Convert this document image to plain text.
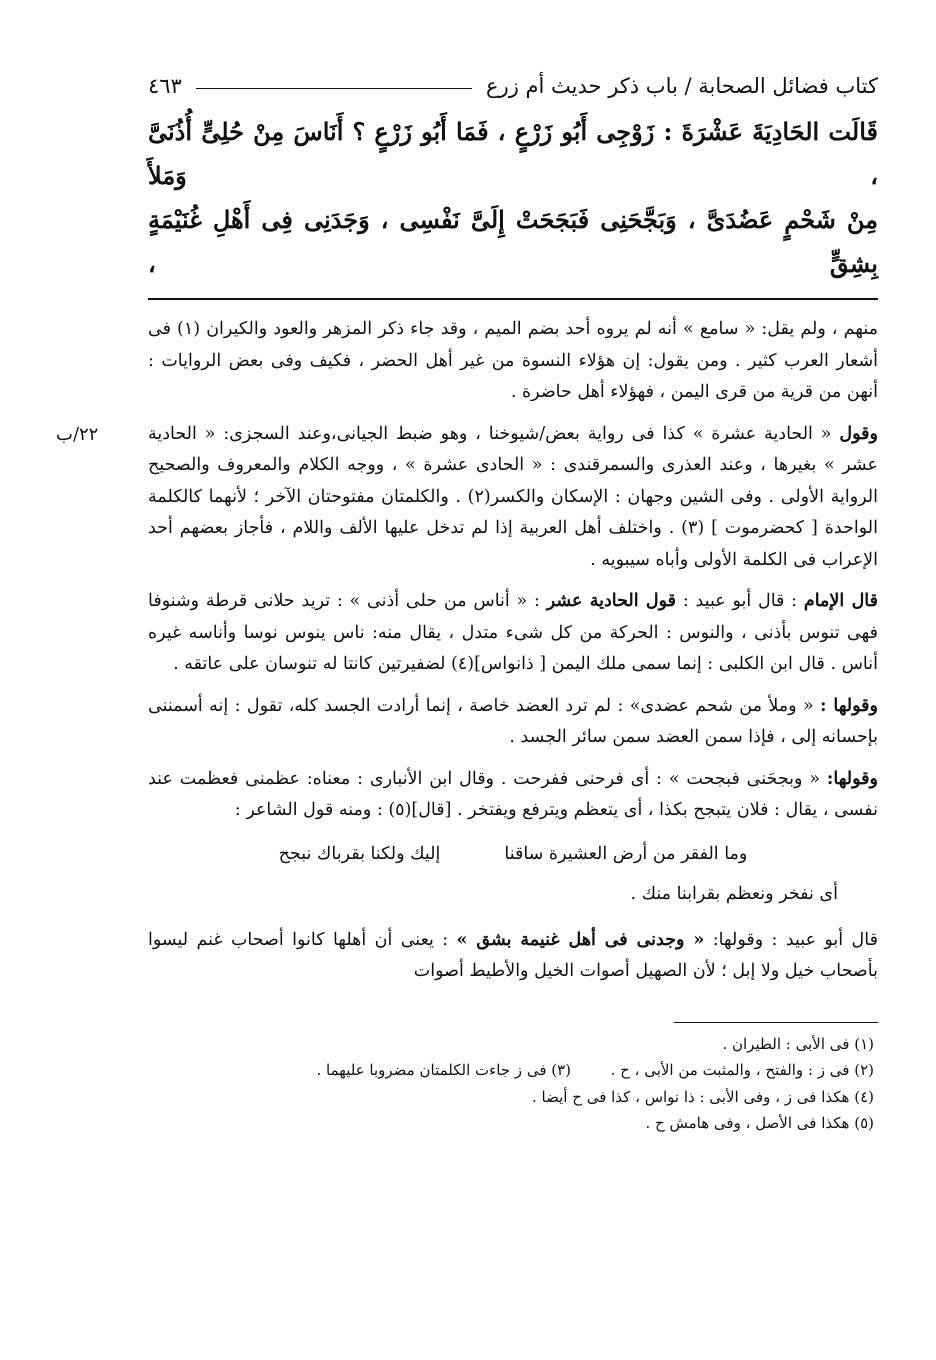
كتاب فضائل الصحابة / باب ذكر حديث أم زرع
٤٦٣

قَالَت الحَادِيَةَ عَشْرَةَ : زَوْجِى أَبُو زَرْعٍ ، فَمَا أَبُو زَرْعٍ ؟ أَنَاسَ مِنْ حُلِىٍّ أُذُنَىَّ ، وَمَلأَ

مِنْ شَحْمٍ عَضُدَىَّ ، وَبَجَّحَنِى فَبَجَحَتْ إِلَىَّ نَفْسِى ، وَجَدَنِى فِى أَهْلِ غُنَيْمَةٍ بِشِقٍّ ،

منهم ، ولم يقل: « سامع » أنه لم يروه أحد بضم الميم ، وقد جاء ذكر المزهر والعود والكيران (١) فى أشعار العرب كثير . ومن يقول: إن هؤلاء النسوة من غير أهل الحضر ، فكيف وفى بعض الروايات : أنهن من قرية من قرى اليمن ، فهؤلاء أهل حاضرة .

٢٢/ب	وقول « الحادية عشرة » كذا فى رواية بعض/شيوخنا ، وهو ضبط الجيانى،وعند السجزى: « الحادية عشر » بغيرها ، وعند العذرى والسمرقندى : « الحادى عشرة » ، ووجه الكلام والمعروف والصحيح الرواية الأولى . وفى الشين وجهان : الإسكان والكسر(٢) . والكلمتان مفتوحتان الآخر ؛ لأنهما كالكلمة الواحدة [ كحضرموت ] (٣) . واختلف أهل العربية إذا لم تدخل عليها الألف واللام ، فأجاز بعضهم أحد الإعراب فى الكلمة الأولى وأباه سيبويه .

قال الإمام : قال أبو عبيد : قول الحادية عشر : « أناس من حلى أذنى » : تريد حلانى قرطة وشنوفا فهى تنوس بأذنى ، والنوس : الحركة من كل شىء متدل ، يقال منه: ناس ينوس نوسا وأناسه غيره أناس . قال ابن الكلبى : إنما سمى ملك اليمن [ ذانواس](٤) لضفيرتين كانتا له تنوسان على عاتقه .

وقولها : « وملأ من شحم عضدى» : لم ترد العضد خاصة ، إنما أرادت الجسد كله، تقول : إنه أسمننى بإحسانه إلى ، فإذا سمن العضد سمن سائر الجسد .

وقولها: « وبجحَنى فبجحت » : أى فرحنى ففرحت . وقال ابن الأنبارى : معناه: عظمنى فعظمت عند نفسى ، يقال : فلان يتبجح بكذا ، أى يتعظم ويترفع ويفتخر . [قال](٥) : ومنه قول الشاعر :

وما الفقر من أرض العشيرة ساقنا
إليك ولكنا بقرباك نبجح

أى نفخر ونعظم بقرابنا منك .

قال أبو عبيد : وقولها: « وجدنى فى أهل غنيمة بشق » : يعنى أن أهلها كانوا أصحاب غنم ليسوا بأصحاب خيل ولا إبل ؛ لأن الصهيل أصوات الخيل والأطيط أصوات

(١) فى الأبى : الطيران .

(٢) فى ز : والفتح ، والمثبت من الأبى ، ح .  (٣) فى ز جاءت الكلمتان مضروبا عليهما .

(٤) هكذا فى ز ، وفى الأبى : ذا نواس ، كذا فى ح أيضا .

(٥) هكذا فى الأصل ، وفى هامش ح .
